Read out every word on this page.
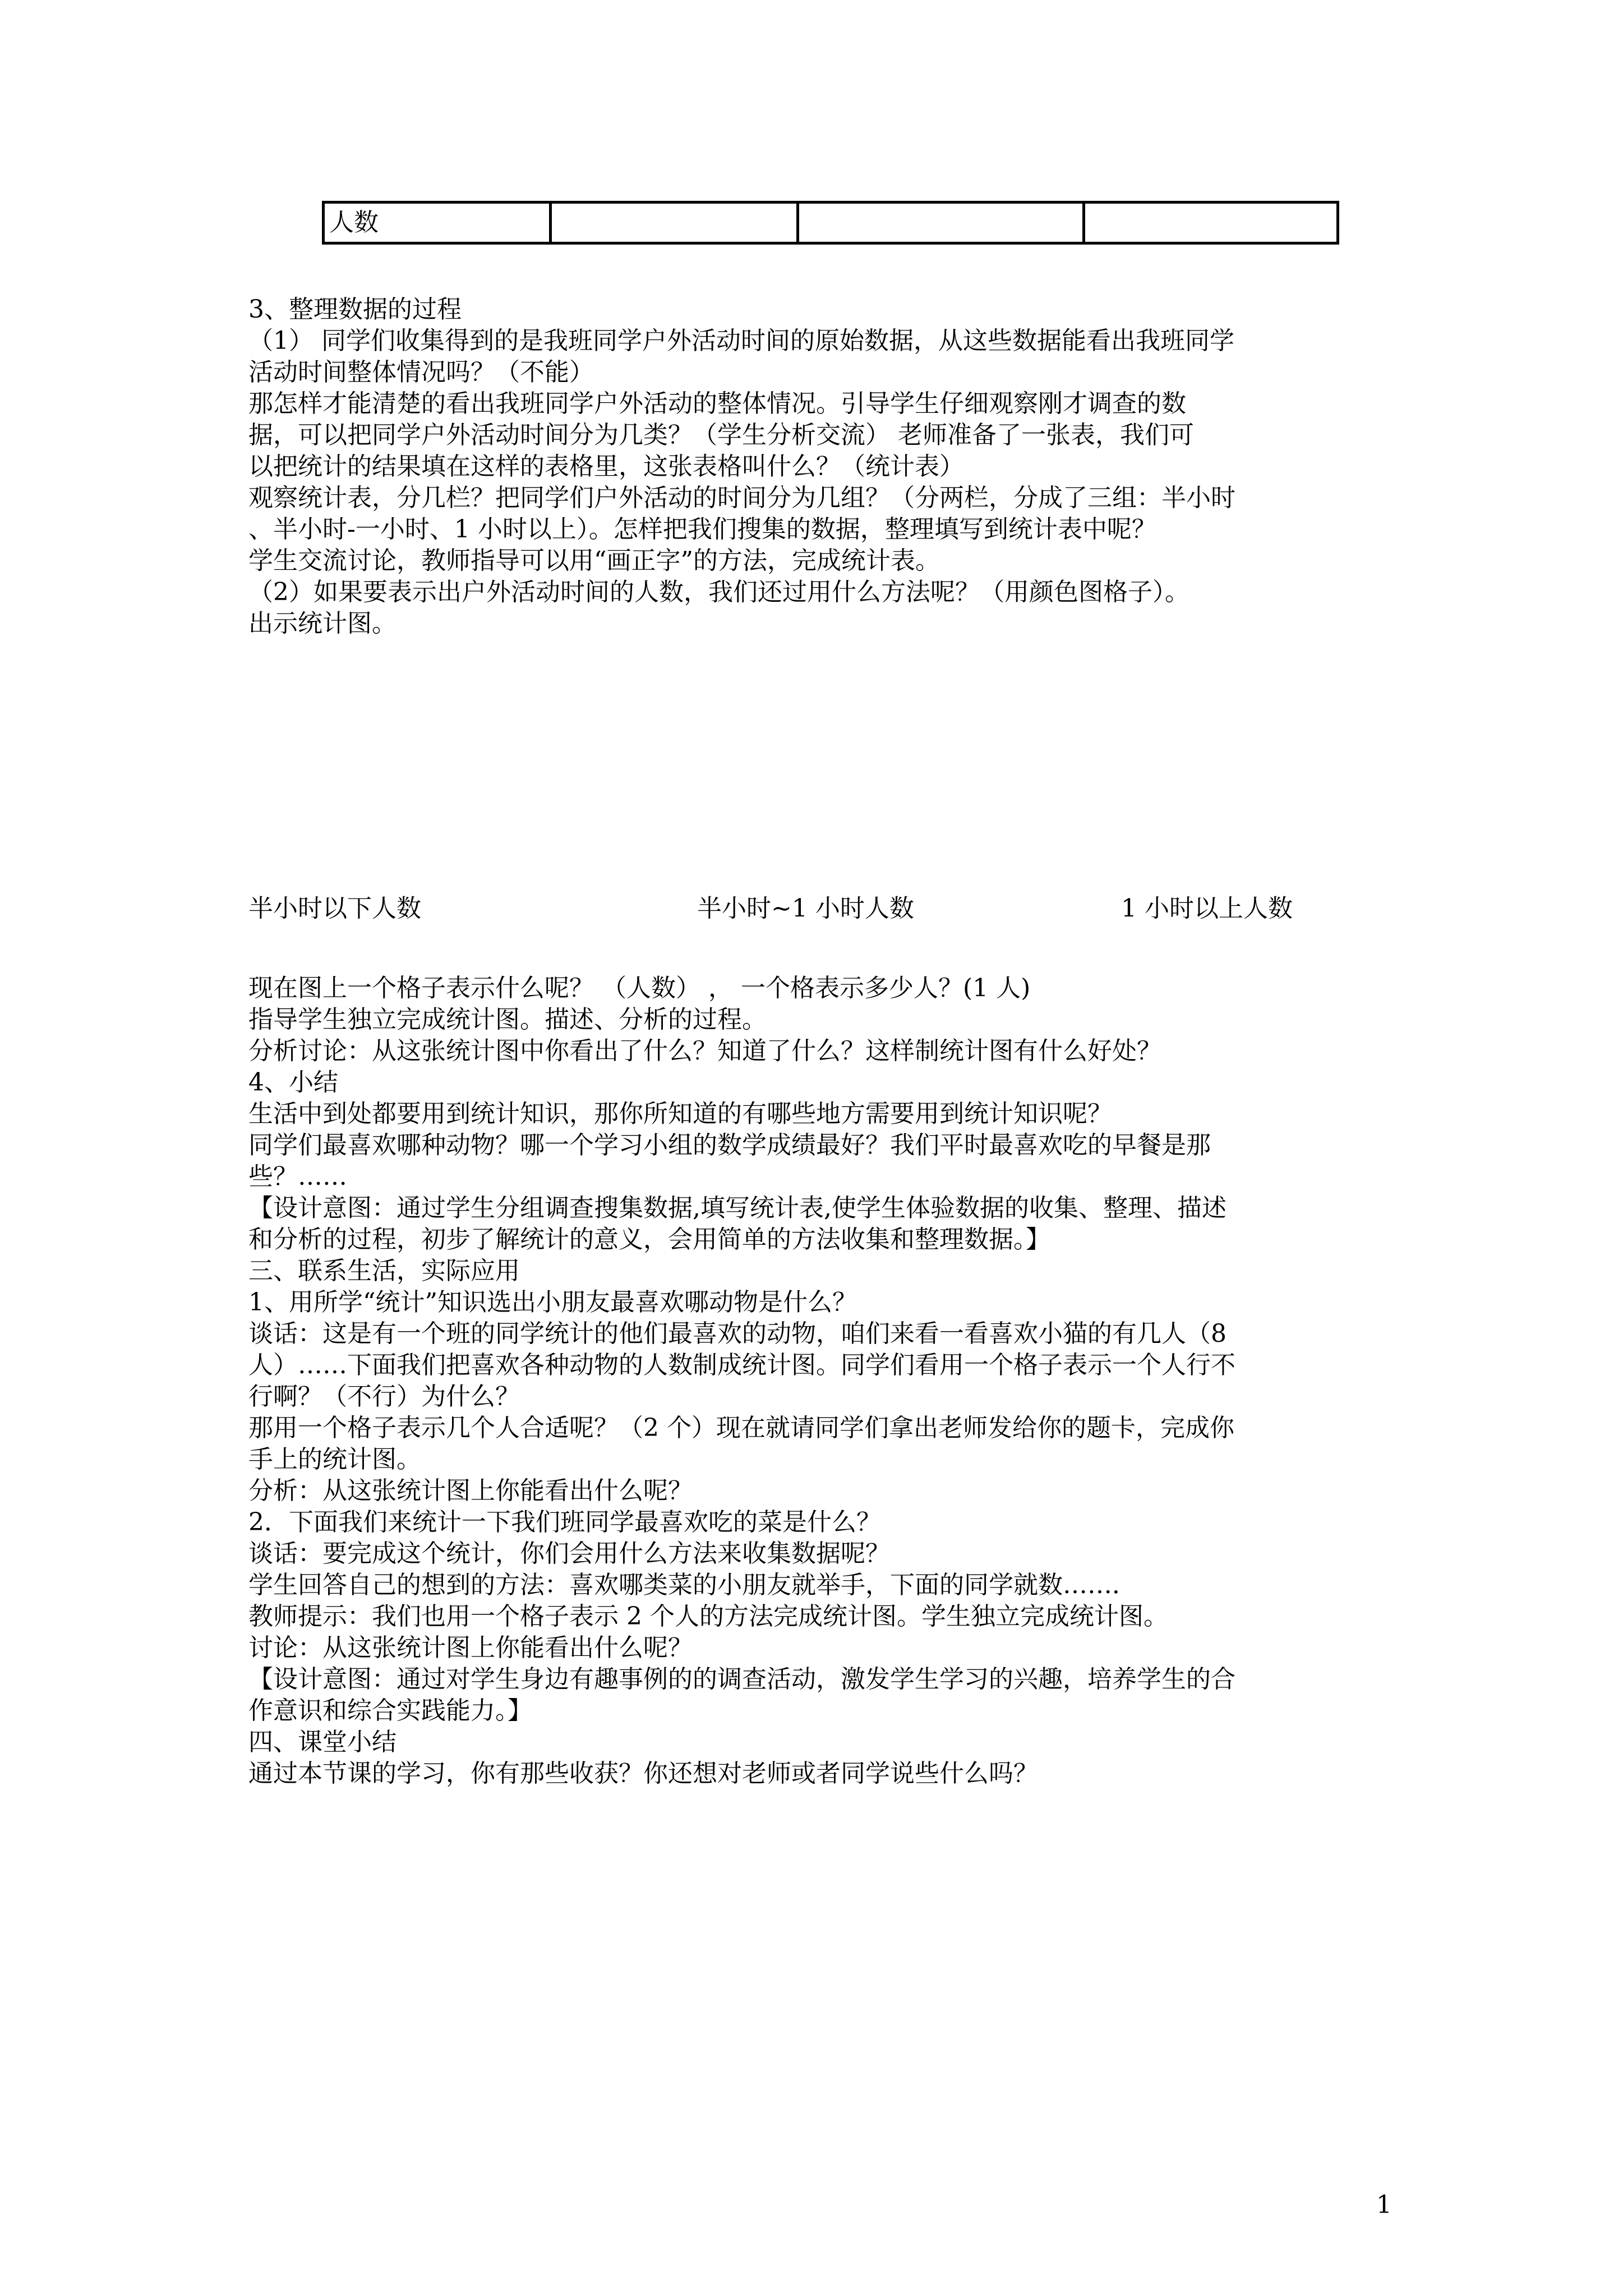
人数			
3、整理数据的过程
（1） 同学们收集得到的是我班同学户外活动时间的原始数据，从这些数据能看出我班同学
活动时间整体情况吗？（不能）
那怎样才能清楚的看出我班同学户外活动的整体情况。引导学生仔细观察刚才调查的数
据，可以把同学户外活动时间分为几类？（学生分析交流） 老师准备了一张表，我们可
以把统计的结果填在这样的表格里，这张表格叫什么？（统计表）
观察统计表，分几栏？把同学们户外活动的时间分为几组？（分两栏，分成了三组：半小时
、半小时-一小时、1 小时以上）。怎样把我们搜集的数据，整理填写到统计表中呢？
学生交流讨论，教师指导可以用“画正字”的方法，完成统计表。
（2）如果要表示出户外活动时间的人数，我们还过用什么方法呢？（用颜色图格子）。
出示统计图。
半小时以下人数	半小时~1 小时人数	1 小时以上人数
现在图上一个格子表示什么呢？ （人数） ， 一个格表示多少人？(1 人)
指导学生独立完成统计图。描述、分析的过程。
分析讨论：从这张统计图中你看出了什么？知道了什么？这样制统计图有什么好处？
4、小结
生活中到处都要用到统计知识，那你所知道的有哪些地方需要用到统计知识呢？
同学们最喜欢哪种动物？哪一个学习小组的数学成绩最好？我们平时最喜欢吃的早餐是那
些？……
【设计意图：通过学生分组调查搜集数据,填写统计表,使学生体验数据的收集、整理、描述
和分析的过程，初步了解统计的意义，会用简单的方法收集和整理数据。】
三、联系生活，实际应用
1、用所学“统计”知识选出小朋友最喜欢哪动物是什么？
谈话：这是有一个班的同学统计的他们最喜欢的动物，咱们来看一看喜欢小猫的有几人（8
人）……下面我们把喜欢各种动物的人数制成统计图。同学们看用一个格子表示一个人行不
行啊？（不行）为什么？
那用一个格子表示几个人合适呢？（2 个）现在就请同学们拿出老师发给你的题卡，完成你
手上的统计图。
分析：从这张统计图上你能看出什么呢？
2．下面我们来统计一下我们班同学最喜欢吃的菜是什么？
谈话：要完成这个统计，你们会用什么方法来收集数据呢？
学生回答自己的想到的方法：喜欢哪类菜的小朋友就举手，下面的同学就数……．
教师提示：我们也用一个格子表示 2 个人的方法完成统计图。学生独立完成统计图。
讨论：从这张统计图上你能看出什么呢？
【设计意图：通过对学生身边有趣事例的的调查活动，激发学生学习的兴趣，培养学生的合
作意识和综合实践能力。】
四、课堂小结
通过本节课的学习，你有那些收获？你还想对老师或者同学说些什么吗？
1
